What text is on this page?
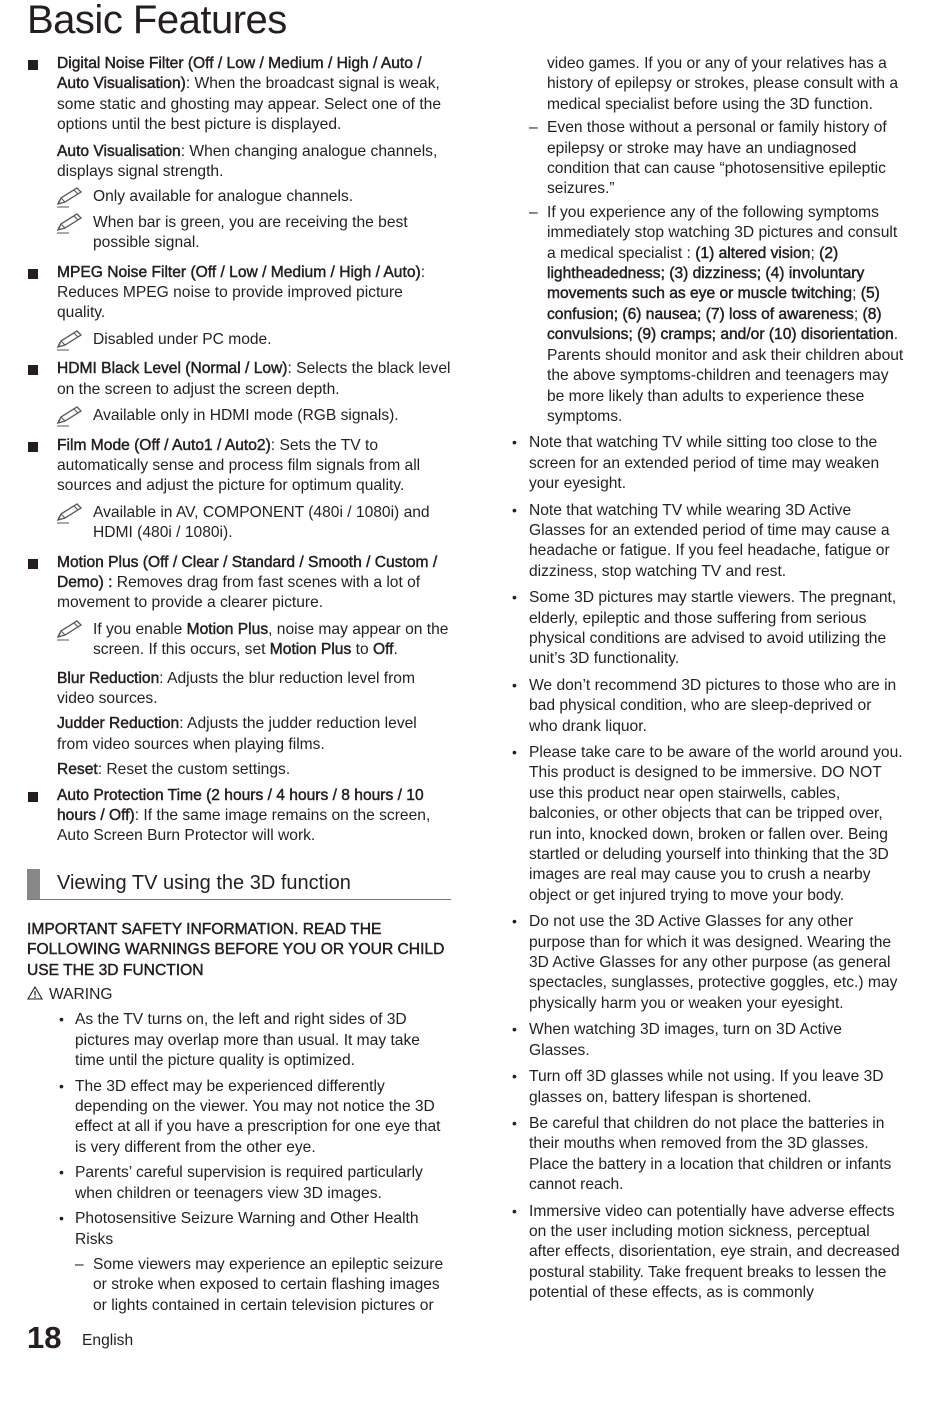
Basic Features

Digital Noise Filter (Off / Low / Medium / High / Auto / Auto Visualisation): When the broadcast signal is weak, some static and ghosting may appear. Select one of the options until the best picture is displayed.

Auto Visualisation: When changing analogue channels, displays signal strength.

Only available for analogue channels.

When bar is green, you are receiving the best possible signal.

MPEG Noise Filter (Off / Low / Medium / High / Auto): Reduces MPEG noise to provide improved picture quality.

Disabled under PC mode.

HDMI Black Level (Normal / Low): Selects the black level on the screen to adjust the screen depth.

Available only in HDMI mode (RGB signals).

Film Mode (Off / Auto1 / Auto2): Sets the TV to automatically sense and process film signals from all sources and adjust the picture for optimum quality.

Available in AV, COMPONENT (480i / 1080i) and HDMI (480i / 1080i).

Motion Plus (Off / Clear / Standard / Smooth / Custom / Demo) : Removes drag from fast scenes with a lot of movement to provide a clearer picture.

If you enable Motion Plus, noise may appear on the screen. If this occurs, set Motion Plus to Off.

Blur Reduction: Adjusts the blur reduction level from video sources.

Judder Reduction: Adjusts the judder reduction level from video sources when playing films.

Reset: Reset the custom settings.

Auto Protection Time (2 hours / 4 hours / 8 hours / 10 hours / Off): If the same image remains on the screen, Auto Screen Burn Protector will work.

Viewing TV using the 3D function

IMPORTANT SAFETY INFORMATION. READ THE FOLLOWING WARNINGS BEFORE YOU OR YOUR CHILD USE THE 3D FUNCTION

WARING

• As the TV turns on, the left and right sides of 3D pictures may overlap more than usual. It may take time until the picture quality is optimized.

• The 3D effect may be experienced differently depending on the viewer. You may not notice the 3D effect at all if you have a prescription for one eye that is very different from the other eye.

• Parents’ careful supervision is required particularly when children or teenagers view 3D images.

• Photosensitive Seizure Warning and Other Health Risks

– Some viewers may experience an epileptic seizure or stroke when exposed to certain flashing images or lights contained in certain television pictures or

video games. If you or any of your relatives has a history of epilepsy or strokes, please consult with a medical specialist before using the 3D function.

– Even those without a personal or family history of epilepsy or stroke may have an undiagnosed condition that can cause “photosensitive epileptic seizures.”

– If you experience any of the following symptoms immediately stop watching 3D pictures and consult a medical specialist : (1) altered vision; (2) lightheadedness; (3) dizziness; (4) involuntary movements such as eye or muscle twitching; (5) confusion; (6) nausea; (7) loss of awareness; (8) convulsions; (9) cramps; and/or (10) disorientation. Parents should monitor and ask their children about the above symptoms-children and teenagers may be more likely than adults to experience these symptoms.

• Note that watching TV while sitting too close to the screen for an extended period of time may weaken your eyesight.

• Note that watching TV while wearing 3D Active Glasses for an extended period of time may cause a headache or fatigue. If you feel headache, fatigue or dizziness, stop watching TV and rest.

• Some 3D pictures may startle viewers. The pregnant, elderly, epileptic and those suffering from serious physical conditions are advised to avoid utilizing the unit’s 3D functionality.

• We don’t recommend 3D pictures to those who are in bad physical condition, who are sleep-deprived or who drank liquor.

• Please take care to be aware of the world around you. This product is designed to be immersive. DO NOT use this product near open stairwells, cables, balconies, or other objects that can be tripped over, run into, knocked down, broken or fallen over. Being startled or deluding yourself into thinking that the 3D images are real may cause you to crush a nearby object or get injured trying to move your body.

• Do not use the 3D Active Glasses for any other purpose than for which it was designed. Wearing the 3D Active Glasses for any other purpose (as general spectacles, sunglasses, protective goggles, etc.) may physically harm you or weaken your eyesight.

• When watching 3D images, turn on 3D Active Glasses.

• Turn off 3D glasses while not using. If you leave 3D glasses on, battery lifespan is shortened.

• Be careful that children do not place the batteries in their mouths when removed from the 3D glasses. Place the battery in a location that children or infants cannot reach.

• Immersive video can potentially have adverse effects on the user including motion sickness, perceptual after effects, disorientation, eye strain, and decreased postural stability. Take frequent breaks to lessen the potential of these effects, as is commonly

18 English
